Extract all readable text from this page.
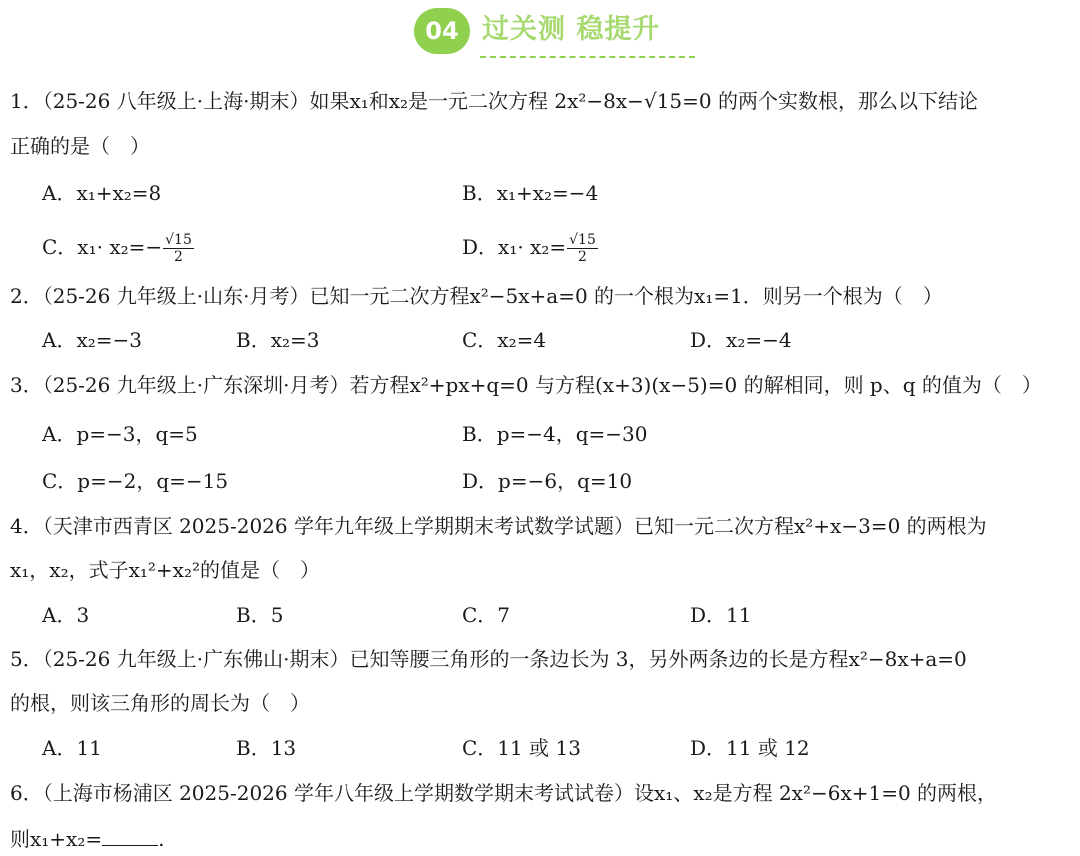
04 过关测 稳提升
1．（25-26 八年级上·上海·期末）如果x₁和x₂是一元二次方程 2x²−8x−√15=0 的两个实数根，那么以下结论
正确的是（　）
A．x₁+x₂=8	B．x₁+x₂=−4
C．$x_1\cdot x_2=- \frac{√15}{2}$	D．$x_1\cdot x_2= \frac{√15}{2}$
2．（25-26 九年级上·山东·月考）已知一元二次方程x²−5x+a=0 的一个根为x₁=1．则另一个根为（　）
A．x₂=−3	B．x₂=3	C．x₂=4	D．x₂=−4
3．（25-26 九年级上·广东深圳·月考）若方程x²+px+q=0 与方程(x+3)(x−5)=0 的解相同，则 p、q 的值为（　）
A．p=−3，q=5	B．p=−4，q=−30
C．p=−2，q=−15	D．p=−6，q=10
4．（天津市西青区 2025-2026 学年九年级上学期期末考试数学试题）已知一元二次方程x²+x−3=0 的两根为
x₁，x₂，式子x₁²+x₂²的值是（　）
A．3	B．5	C．7	D．11
5．（25-26 九年级上·广东佛山·期末）已知等腰三角形的一条边长为 3，另外两条边的长是方程x²−8x+a=0
的根，则该三角形的周长为（　）
A．11	B．13	C．11 或 13	D．11 或 12
6．（上海市杨浦区 2025-2026 学年八年级上学期数学期末考试试卷）设x₁、x₂是方程 2x²−6x+1=0 的两根，
则x₁+x₂=	.
